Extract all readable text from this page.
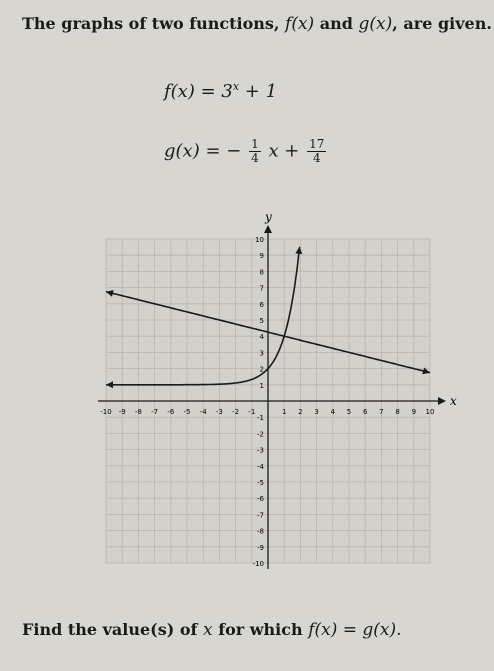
The graphs of two functions, f(x) and g(x), are given.
$f(x) = 3^x + 1$
g(x) = − $\frac{1}{4}$ $x + \frac{17}{4}$
x
y
-10 -9 -8 -7 -6 -5 -4 -3 -2 -1	1 2 3 4 5 6 7 8 9 10
10
9
8
7
6
5
4
3
2
1
-1
-2
-3
-4
-5
-6
-7
-8
-9
-10
Find the value(s) of x for which f(x) = g(x).
